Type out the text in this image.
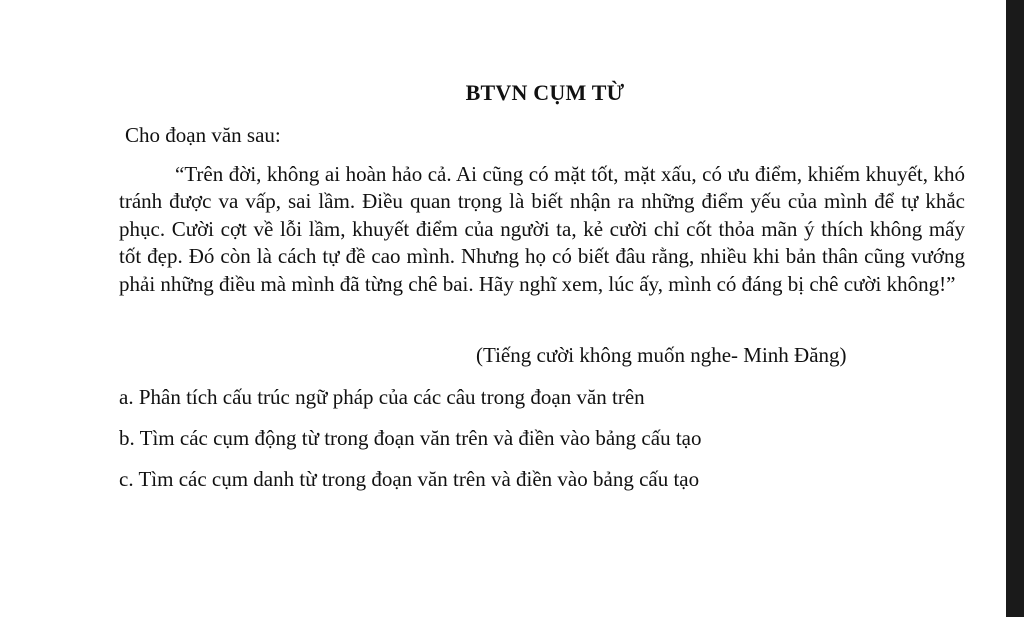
BTVN CỤM TỪ
Cho đoạn văn sau:

“Trên đời, không ai hoàn hảo cả. Ai cũng có mặt tốt, mặt xấu, có ưu điểm, khiếm khuyết, khó tránh được va vấp, sai lầm. Điều quan trọng là biết nhận ra những điểm yếu của mình để tự khắc phục. Cười cợt về lỗi lầm, khuyết điểm của người ta, kẻ cười chỉ cốt thỏa mãn ý thích không mấy tốt đẹp. Đó còn là cách tự đề cao mình. Nhưng họ có biết đâu rằng, nhiều khi bản thân cũng vướng phải những điều mà mình đã từng chê bai. Hãy nghĩ xem, lúc ấy, mình có đáng bị chê cười không!”

(Tiếng cười không muốn nghe- Minh Đăng)
a. Phân tích cấu trúc ngữ pháp của các câu trong đoạn văn trên
b. Tìm các cụm động từ trong đoạn văn trên và điền vào bảng cấu tạo
c. Tìm các cụm danh từ trong đoạn văn trên và điền vào bảng cấu tạo
